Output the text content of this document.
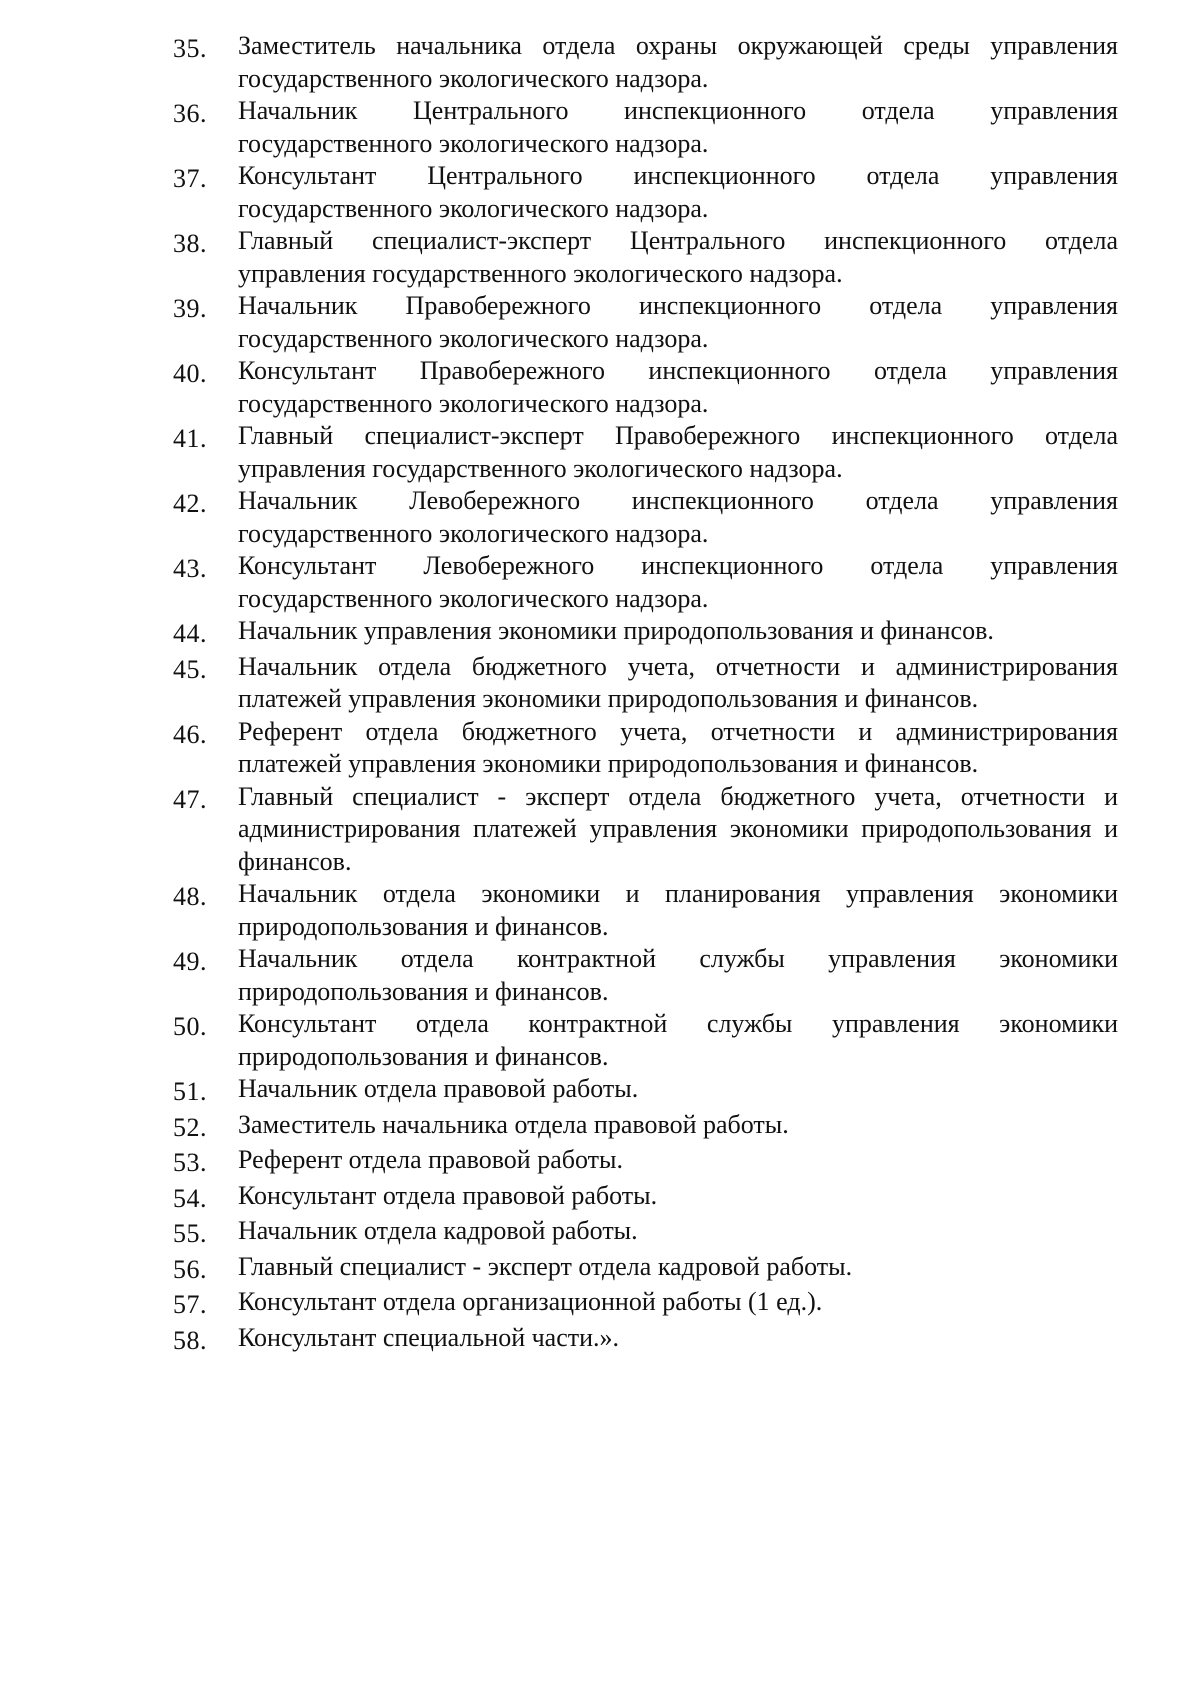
35.	Заместитель начальника отдела охраны окружающей среды управления государственного экологического надзора.
36.	Начальник Центрального инспекционного отдела управления государственного экологического надзора.
37.	Консультант Центрального инспекционного отдела управления государственного экологического надзора.
38.	Главный специалист-эксперт Центрального инспекционного отдела управления государственного экологического надзора.
39.	Начальник Правобережного инспекционного отдела управления государственного экологического надзора.
40.	Консультант Правобережного инспекционного отдела управления государственного экологического надзора.
41.	Главный специалист-эксперт Правобережного инспекционного отдела управления государственного экологического надзора.
42.	Начальник Левобережного инспекционного отдела управления государственного экологического надзора.
43.	Консультант Левобережного инспекционного отдела управления государственного экологического надзора.
44.	Начальник управления экономики природопользования и финансов.
45.	Начальник отдела бюджетного учета, отчетности и администрирования платежей управления экономики природопользования и финансов.
46.	Референт отдела бюджетного учета, отчетности и администрирования платежей управления экономики природопользования и финансов.
47.	Главный специалист - эксперт отдела бюджетного учета, отчетности и администрирования платежей управления экономики природопользования и финансов.
48.	Начальник отдела экономики и планирования управления экономики природопользования и финансов.
49.	Начальник отдела контрактной службы управления экономики природопользования и финансов.
50.	Консультант отдела контрактной службы управления экономики природопользования и финансов.
51.	Начальник отдела правовой работы.
52.	Заместитель начальника отдела правовой работы.
53.	Референт отдела правовой работы.
54.	Консультант отдела правовой работы.
55.	Начальник отдела кадровой работы.
56.	Главный специалист - эксперт отдела кадровой работы.
57.	Консультант отдела организационной работы (1 ед.).
58.	Консультант специальной части.».
